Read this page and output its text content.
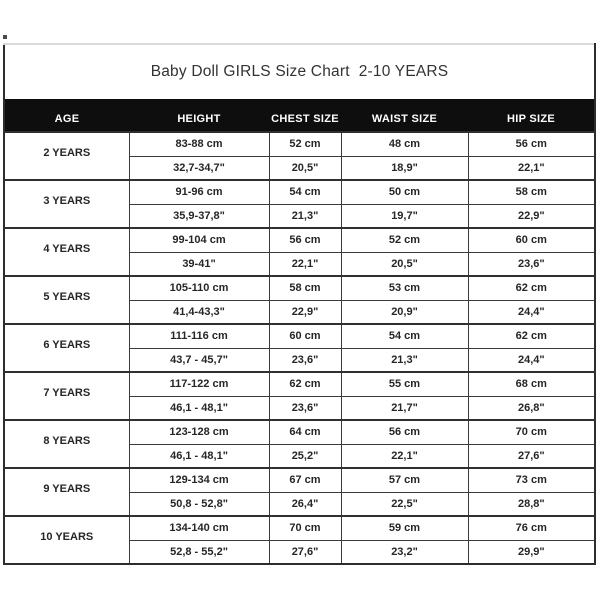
Baby Doll GIRLS Size Chart  2-10 YEARS				
AGE	HEIGHT	CHEST SIZE	WAIST SIZE	HIP SIZE
2 YEARS	83-88 cm	52 cm	48 cm	56 cm
	32,7-34,7"	20,5"	18,9"	22,1"
3 YEARS	91-96 cm	54 cm	50 cm	58 cm
	35,9-37,8"	21,3"	19,7"	22,9"
4 YEARS	99-104 cm	56 cm	52 cm	60 cm
	39-41"	22,1"	20,5"	23,6"
5 YEARS	105-110 cm	58 cm	53 cm	62 cm
	41,4-43,3"	22,9"	20,9"	24,4"
6 YEARS	111-116 cm	60 cm	54 cm	62 cm
	43,7 - 45,7"	23,6"	21,3"	24,4"
7 YEARS	117-122 cm	62 cm	55 cm	68 cm
	46,1 - 48,1"	23,6"	21,7"	26,8"
8 YEARS	123-128 cm	64 cm	56 cm	70 cm
	46,1 - 48,1"	25,2"	22,1"	27,6"
9 YEARS	129-134 cm	67 cm	57 cm	73 cm
	50,8 - 52,8"	26,4"	22,5"	28,8"
10 YEARS	134-140 cm	70 cm	59 cm	76 cm
	52,8 - 55,2"	27,6"	23,2"	29,9"
